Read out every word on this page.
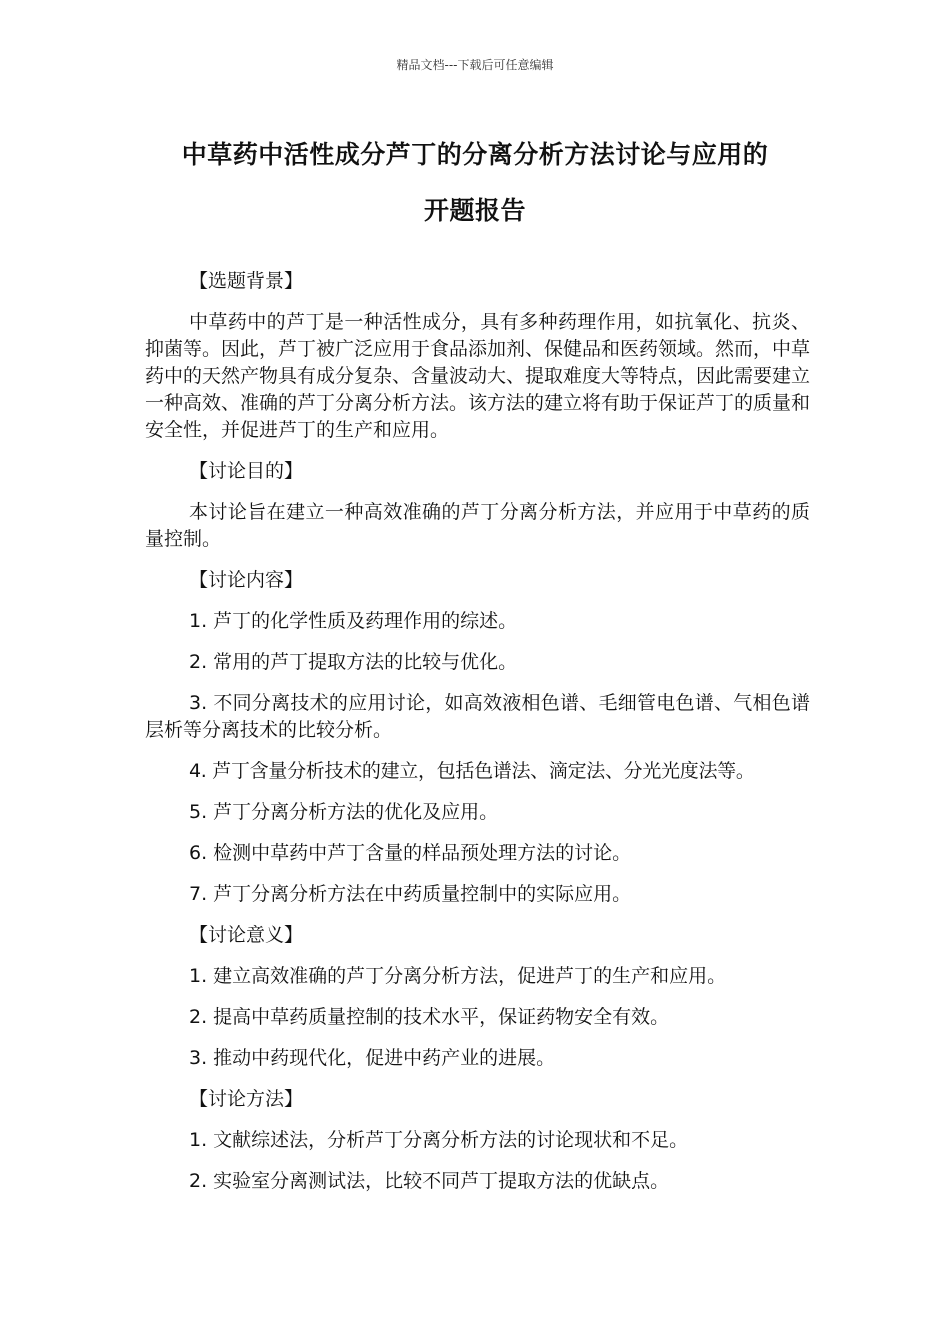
精品文档---下载后可任意编辑
中草药中活性成分芦丁的分离分析方法讨论与应用的
开题报告

【选题背景】

中草药中的芦丁是一种活性成分，具有多种药理作用，如抗氧化、抗炎、抑菌等。因此，芦丁被广泛应用于食品添加剂、保健品和医药领域。然而，中草药中的天然产物具有成分复杂、含量波动大、提取难度大等特点，因此需要建立一种高效、准确的芦丁分离分析方法。该方法的建立将有助于保证芦丁的质量和安全性，并促进芦丁的生产和应用。

【讨论目的】

本讨论旨在建立一种高效准确的芦丁分离分析方法，并应用于中草药的质量控制。

【讨论内容】

1. 芦丁的化学性质及药理作用的综述。

2. 常用的芦丁提取方法的比较与优化。

3. 不同分离技术的应用讨论，如高效液相色谱、毛细管电色谱、气相色谱层析等分离技术的比较分析。

4. 芦丁含量分析技术的建立，包括色谱法、滴定法、分光光度法等。

5. 芦丁分离分析方法的优化及应用。

6. 检测中草药中芦丁含量的样品预处理方法的讨论。

7. 芦丁分离分析方法在中药质量控制中的实际应用。

【讨论意义】

1. 建立高效准确的芦丁分离分析方法，促进芦丁的生产和应用。

2. 提高中草药质量控制的技术水平，保证药物安全有效。

3. 推动中药现代化，促进中药产业的进展。

【讨论方法】

1. 文献综述法，分析芦丁分离分析方法的讨论现状和不足。

2. 实验室分离测试法，比较不同芦丁提取方法的优缺点。
